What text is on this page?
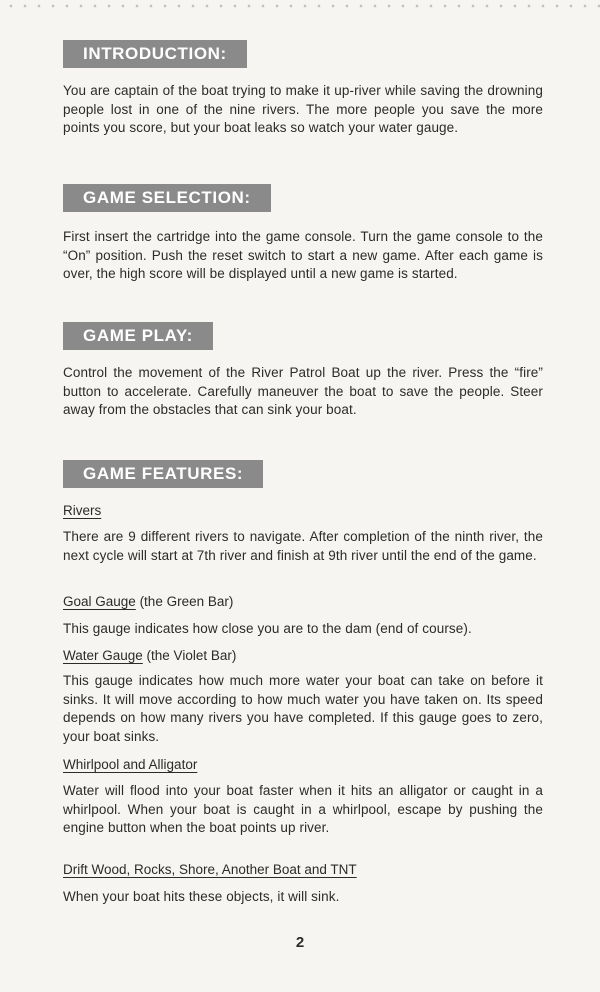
INTRODUCTION:

You are captain of the boat trying to make it up-river while saving the drowning people lost in one of the nine rivers. The more people you save the more points you score, but your boat leaks so watch your water gauge.

GAME SELECTION:

First insert the cartridge into the game console. Turn the game console to the “On” position. Push the reset switch to start a new game. After each game is over, the high score will be displayed until a new game is started.

GAME PLAY:

Control the movement of the River Patrol Boat up the river. Press the “fire” button to accelerate. Carefully maneuver the boat to save the people. Steer away from the obstacles that can sink your boat.

GAME FEATURES:
Rivers

There are 9 different rivers to navigate. After completion of the ninth river, the next cycle will start at 7th river and finish at 9th river until the end of the game.

Goal Gauge (the Green Bar)

This gauge indicates how close you are to the dam (end of course).

Water Gauge (the Violet Bar)

This gauge indicates how much more water your boat can take on before it sinks. It will move according to how much water you have taken on. Its speed depends on how many rivers you have completed. If this gauge goes to zero, your boat sinks.

Whirlpool and Alligator

Water will flood into your boat faster when it hits an alligator or caught in a whirlpool. When your boat is caught in a whirlpool, escape by pushing the engine button when the boat points up river.

Drift Wood, Rocks, Shore, Another Boat and TNT

When your boat hits these objects, it will sink.

2
